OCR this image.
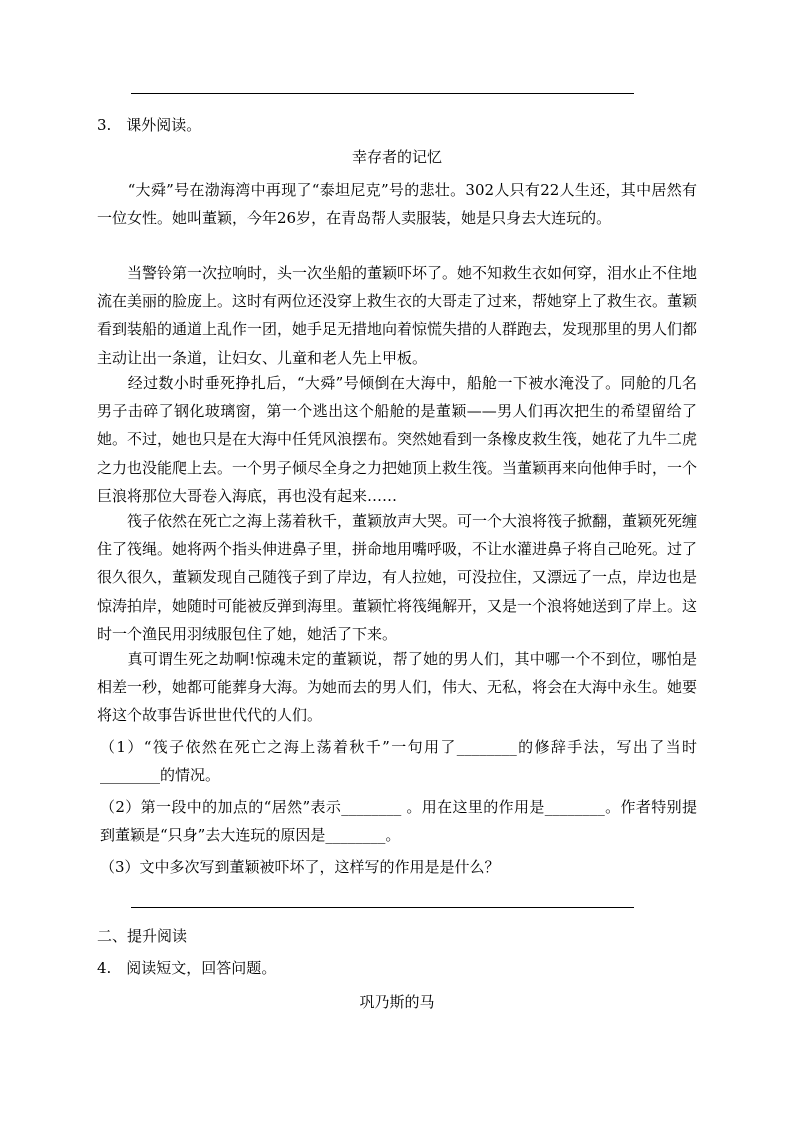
3.　课外阅读。
幸存者的记忆
　　“大舜”号在渤海湾中再现了“泰坦尼克”号的悲壮。302人只有22人生还，其中居然有一位女性。她叫董颖，今年26岁，在青岛帮人卖服装，她是只身去大连玩的。
　　当警铃第一次拉响时，头一次坐船的董颖吓坏了。她不知救生衣如何穿，泪水止不住地流在美丽的脸庞上。这时有两位还没穿上救生衣的大哥走了过来，帮她穿上了救生衣。董颖看到装船的通道上乱作一团，她手足无措地向着惊慌失措的人群跑去，发现那里的男人们都主动让出一条道，让妇女、儿童和老人先上甲板。
　　经过数小时垂死挣扎后，“大舜”号倾倒在大海中，船舱一下被水淹没了。同舱的几名男子击碎了钢化玻璃窗，第一个逃出这个船舱的是董颖——男人们再次把生的希望留给了她。不过，她也只是在大海中任凭风浪摆布。突然她看到一条橡皮救生筏，她花了九牛二虎之力也没能爬上去。一个男子倾尽全身之力把她顶上救生筏。当董颖再来向他伸手时，一个巨浪将那位大哥卷入海底，再也没有起来……
　　筏子依然在死亡之海上荡着秋千，董颖放声大哭。可一个大浪将筏子掀翻，董颖死死缠住了筏绳。她将两个指头伸进鼻子里，拼命地用嘴呼吸，不让水灌进鼻子将自己呛死。过了很久很久，董颖发现自己随筏子到了岸边，有人拉她，可没拉住，又漂远了一点，岸边也是惊涛拍岸，她随时可能被反弹到海里。董颖忙将筏绳解开，又是一个浪将她送到了岸上。这时一个渔民用羽绒服包住了她，她活了下来。
　　真可谓生死之劫啊!惊魂未定的董颖说，帮了她的男人们，其中哪一个不到位，哪怕是相差一秒，她都可能葬身大海。为她而去的男人们，伟大、无私，将会在大海中永生。她要将这个故事告诉世世代代的人们。
（1）“筏子依然在死亡之海上荡着秋千”一句用了________的修辞手法，写出了当时________的情况。
（2）第一段中的加点的“居然”表示________ 。用在这里的作用是________。作者特别提到董颖是“只身”去大连玩的原因是________。
（3）文中多次写到董颖被吓坏了，这样写的作用是是什么？
二、提升阅读
4.　阅读短文，回答问题。
巩乃斯的马
